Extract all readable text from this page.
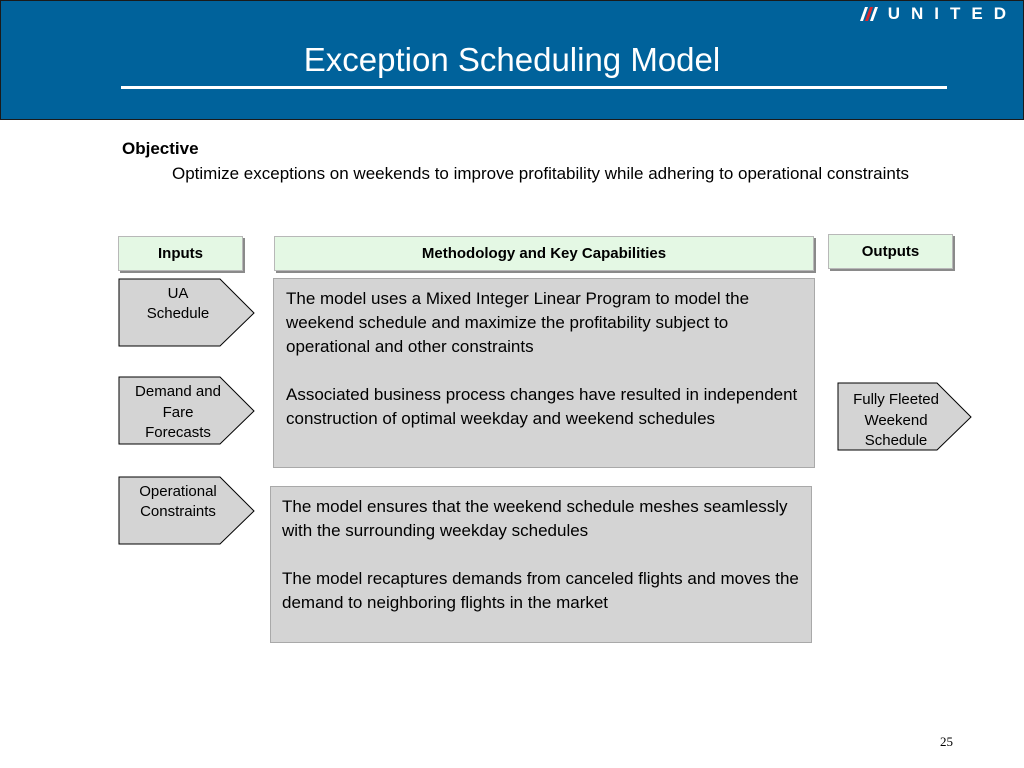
UNITED
Exception Scheduling Model
Objective
Optimize exceptions on weekends to improve profitability while adhering to operational constraints
Inputs	Methodology and Key Capabilities	Outputs
UA Schedule
Demand and Fare Forecasts
Operational Constraints

The model uses a Mixed Integer Linear Program to model the weekend schedule and maximize the profitability subject to operational and other constraints

Associated business process changes have resulted in independent construction of optimal weekday and weekend schedules

The model ensures that the weekend schedule meshes seamlessly with the surrounding weekday schedules

The model recaptures demands from canceled flights and moves the demand to neighboring flights in the market

Fully Fleeted Weekend Schedule
25
